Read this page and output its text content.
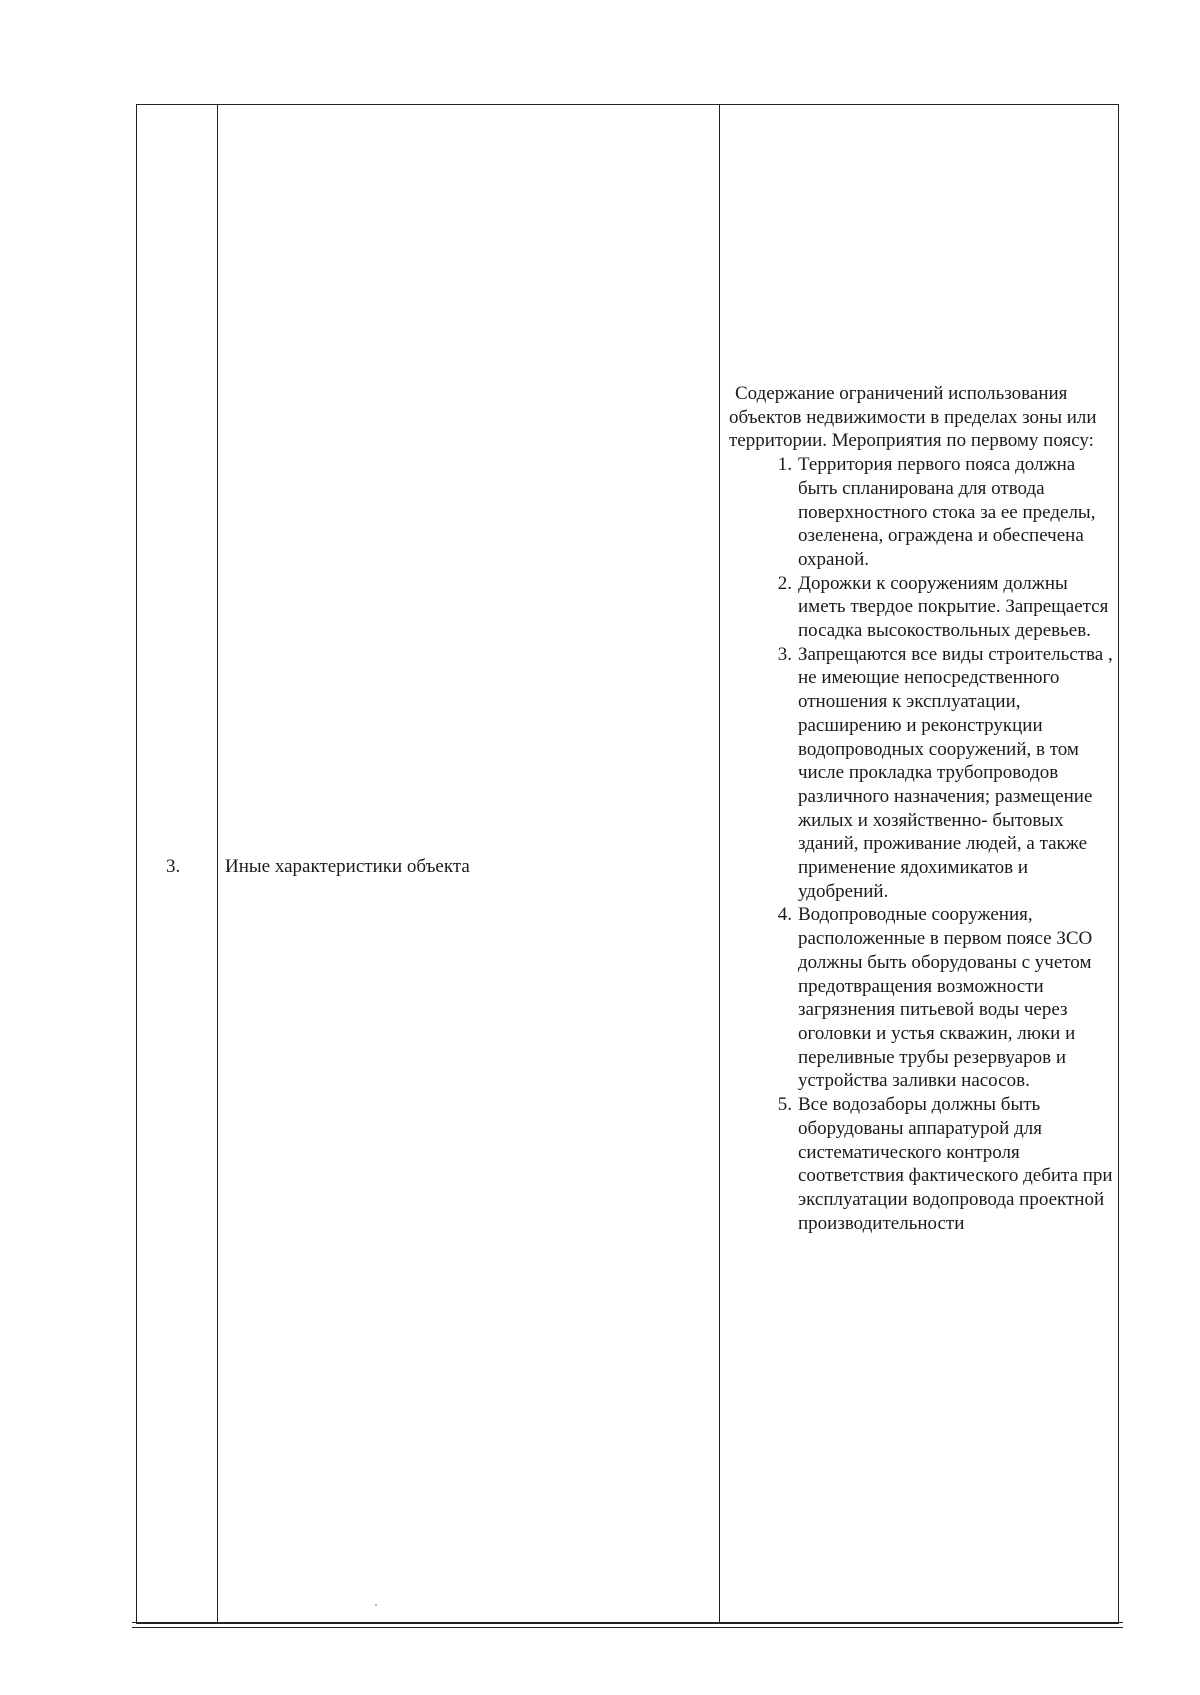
3. Иные характеристики объекта

Содержание ограничений использования объектов недвижимости в пределах зоны или территории. Мероприятия по первому поясу:

1. Территория первого пояса должна быть спланирована для отвода поверхностного стока за ее пределы, озеленена, ограждена и обеспечена охраной.
2. Дорожки к сооружениям должны иметь твердое покрытие. Запрещается посадка высокоствольных деревьев.
3. Запрещаются все виды строительства , не имеющие непосредственного отношения к эксплуатации, расширению и реконструкции водопроводных сооружений, в том числе прокладка трубопроводов различного назначения; размещение жилых и хозяйственно- бытовых зданий, проживание людей, а также применение ядохимикатов и удобрений.
4. Водопроводные сооружения, расположенные в первом поясе ЗСО должны быть оборудованы с учетом предотвращения возможности загрязнения питьевой воды через оголовки и устья скважин, люки и переливные трубы резервуаров и устройства заливки насосов.
5. Все водозаборы должны быть оборудованы аппаратурой для систематического контроля соответствия фактического дебита при эксплуатации водопровода проектной производительности
